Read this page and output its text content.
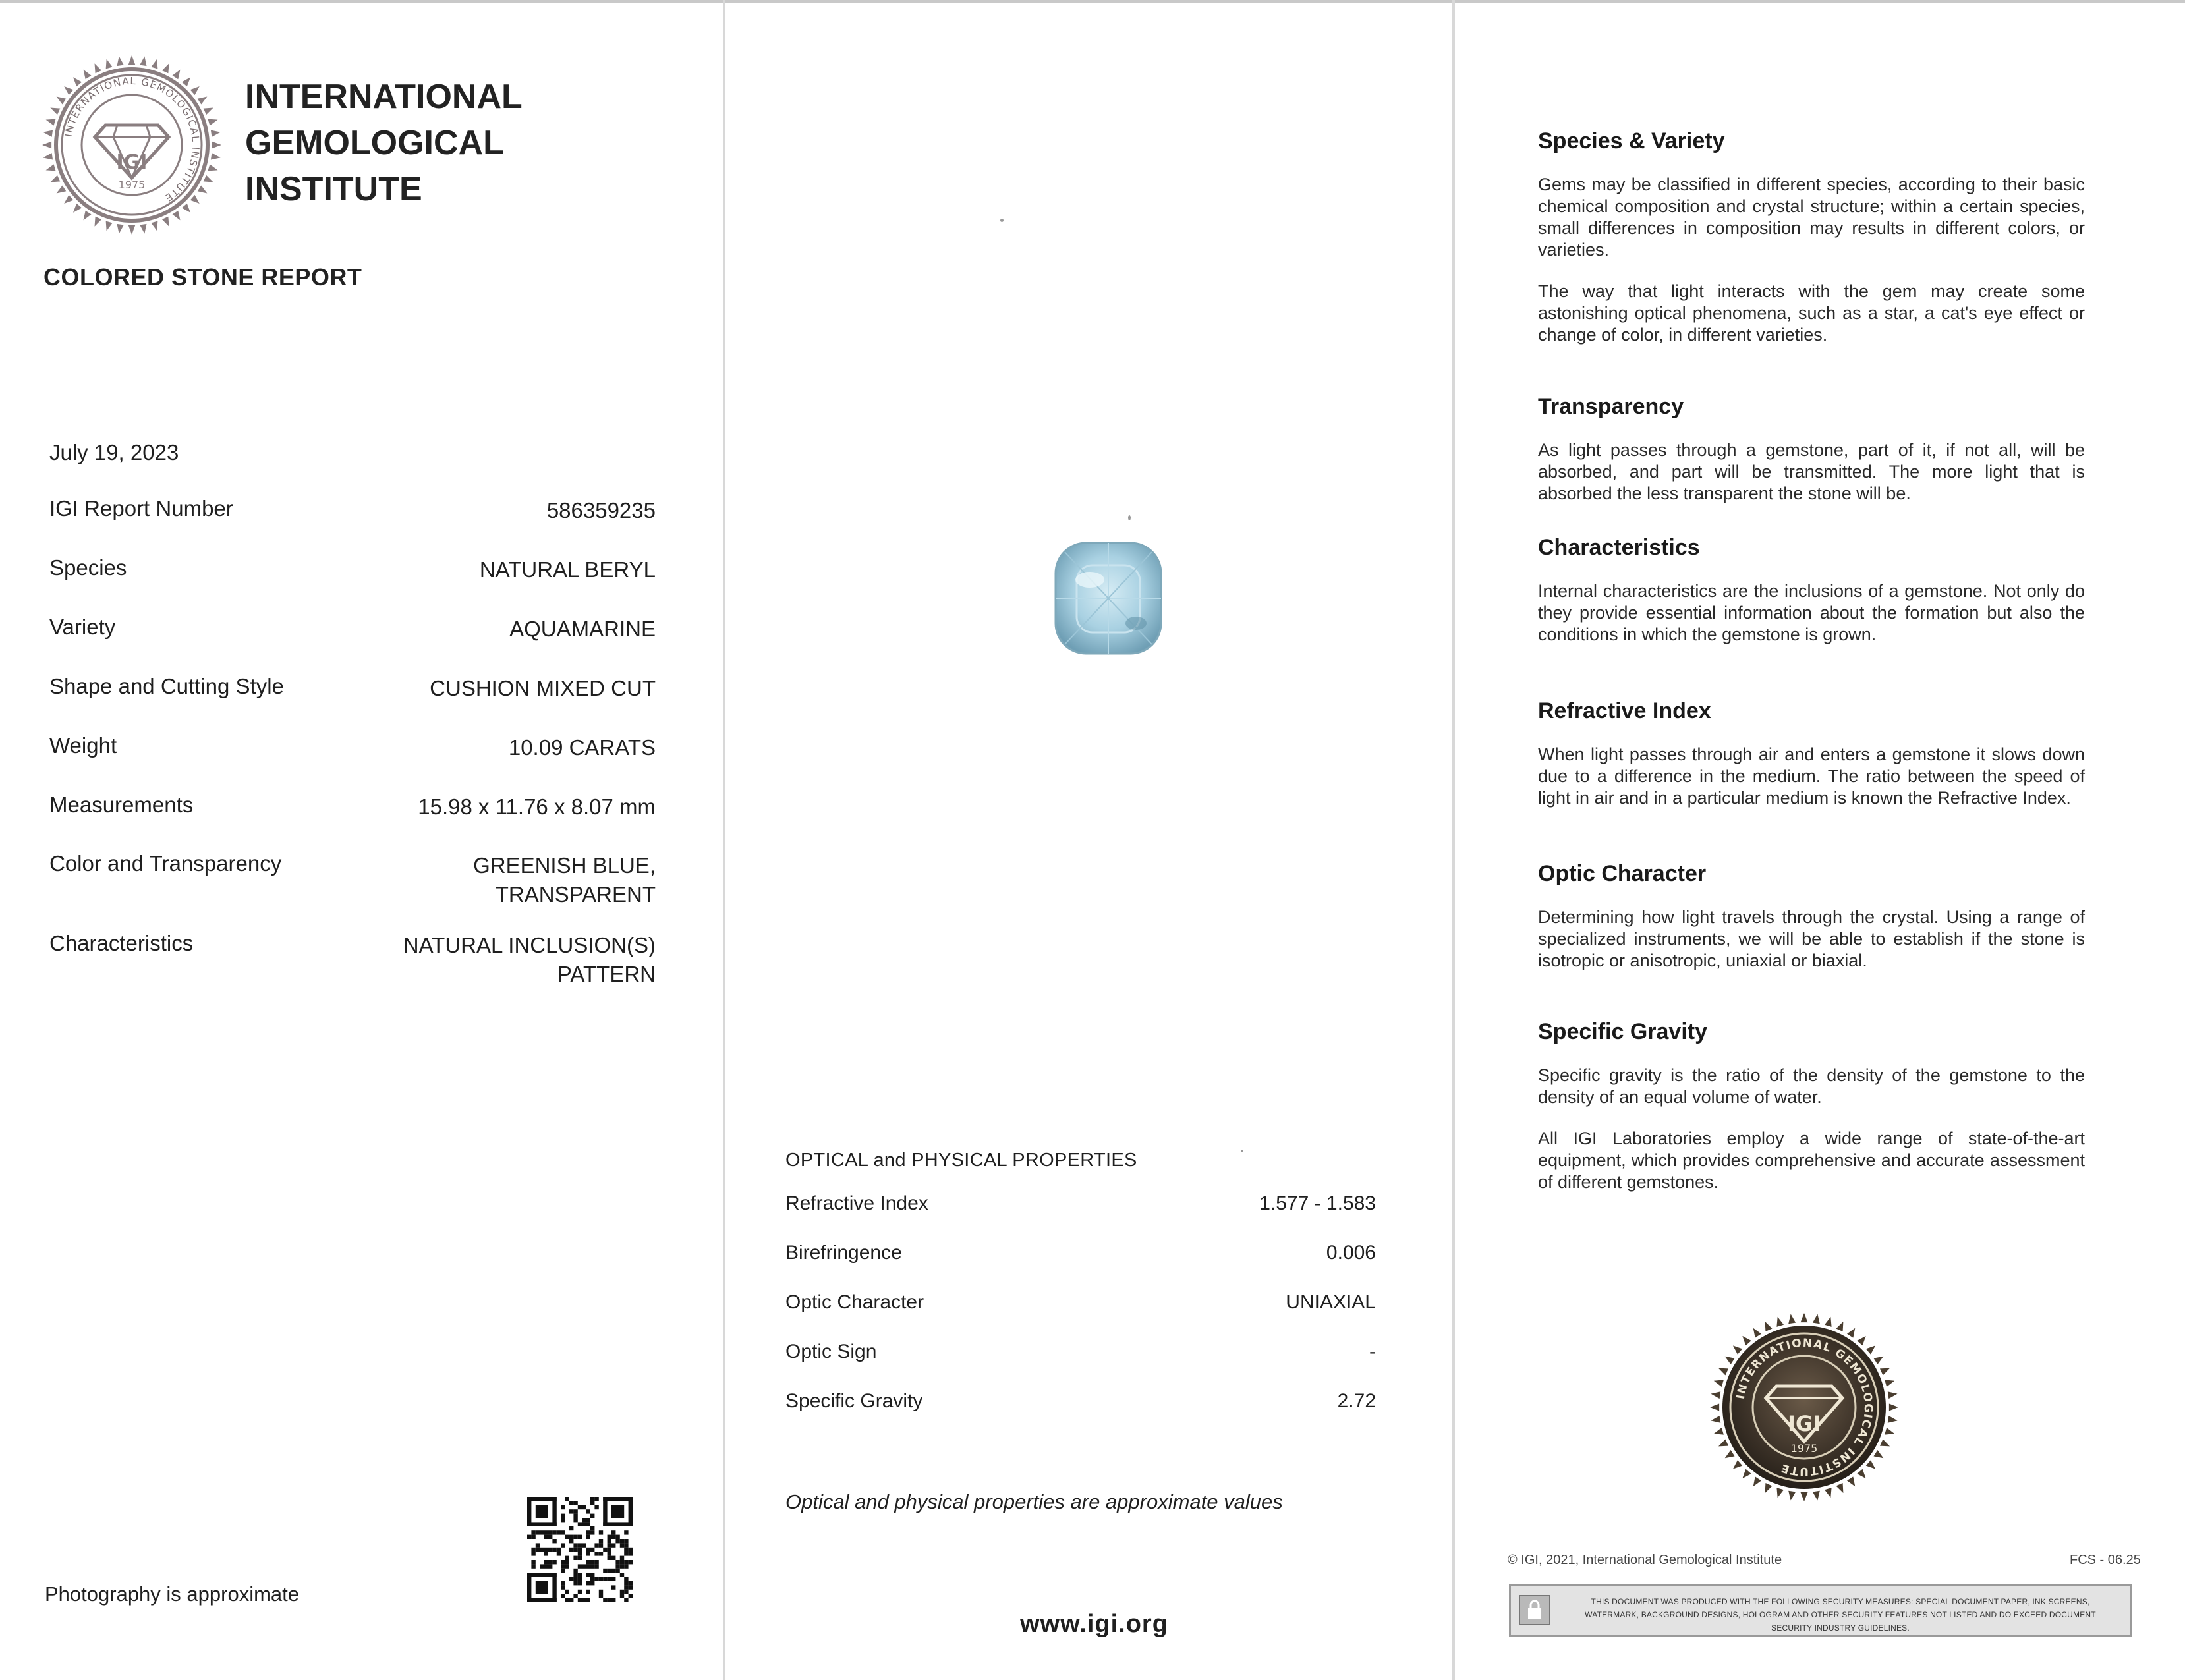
INTERNATIONAL GEMOLOGICAL INSTITUTE
IGI
1975
INTERNATIONAL
GEMOLOGICAL
INSTITUTE
COLORED STONE REPORT
July 19, 2023
IGI Report Number	586359235
Species	NATURAL BERYL
Variety	AQUAMARINE
Shape and Cutting Style	CUSHION MIXED CUT
Weight	10.09 CARATS
Measurements	15.98 x 11.76 x 8.07 mm
Color and Transparency	GREENISH BLUE,
TRANSPARENT
Characteristics	NATURAL INCLUSION(S)
PATTERN
Photography is approximate
OPTICAL and PHYSICAL PROPERTIES
Refractive Index	1.577 - 1.583
Birefringence	0.006
Optic Character	UNIAXIAL
Optic Sign	-
Specific Gravity	2.72
Optical and physical properties are approximate values
www.igi.org
Species & Variety

Gems may be classified in different species, according to their basic chemical composition and crystal structure; within a certain species, small differences in composition may results in different colors, or varieties.

The way that light interacts with the gem may create some astonishing optical phenomena, such as a star, a cat's eye effect or change of color, in different varieties.

Transparency

As light passes through a gemstone, part of it, if not all, will be absorbed, and part will be transmitted. The more light that is absorbed the less transparent the stone will be.

Characteristics

Internal characteristics are the inclusions of a gemstone. Not only do they provide essential information about the formation but also the conditions in which the gemstone is grown.

Refractive Index

When light passes through air and enters a gemstone it slows down due to a difference in the medium. The ratio between the speed of light in air and in a particular medium is known the Refractive Index.

Optic Character

Determining how light travels through the crystal. Using a range of specialized instruments, we will be able to establish if the stone is isotropic or anisotropic, uniaxial or biaxial.

Specific Gravity

Specific gravity is the ratio of the density of the gemstone to the density of an equal volume of water.

All IGI Laboratories employ a wide range of state-of-the-art equipment, which provides comprehensive and accurate assessment of different gemstones.

INTERNATIONAL GEMOLOGICAL INSTITUTE
IGI
1975
© IGI, 2021, International Gemological Institute	FCS - 06.25
THIS DOCUMENT WAS PRODUCED WITH THE FOLLOWING SECURITY MEASURES: SPECIAL DOCUMENT PAPER, INK SCREENS, WATERMARK, BACKGROUND DESIGNS, HOLOGRAM AND OTHER SECURITY FEATURES NOT LISTED AND DO EXCEED DOCUMENT SECURITY INDUSTRY GUIDELINES.
